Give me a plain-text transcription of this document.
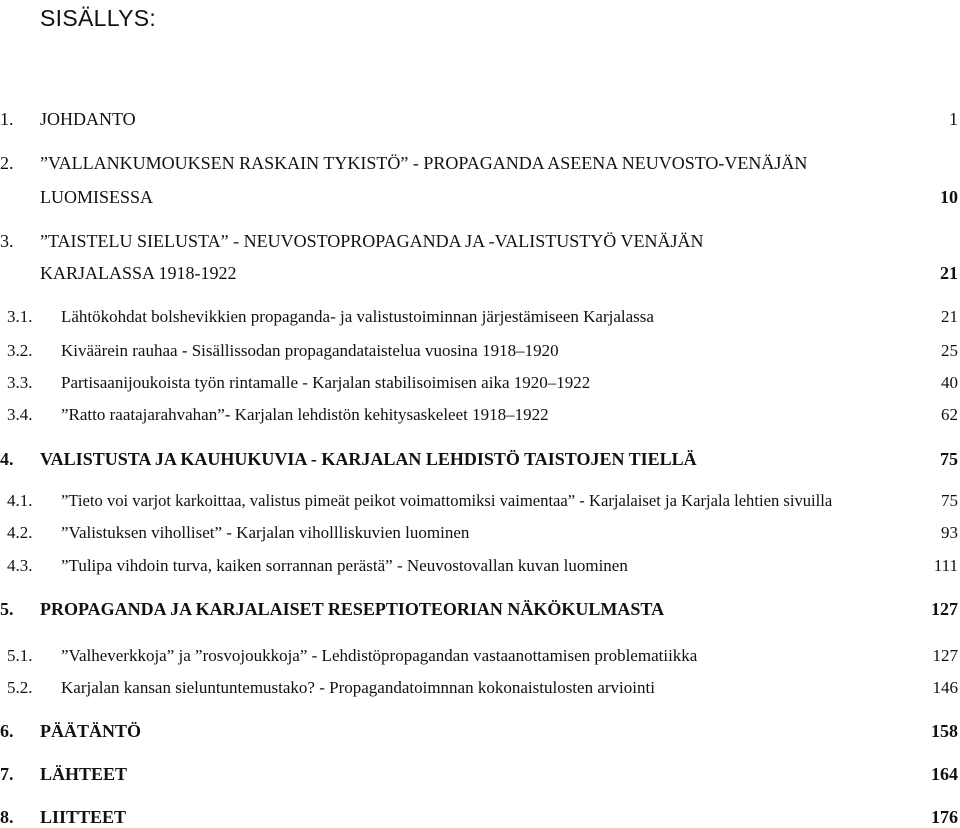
SISÄLLYS:
1. JOHDANTO	1
2. ”VALLANKUMOUKSEN RASKAIN TYKISTÖ” - PROPAGANDA ASEENA NEUVOSTO-VENÄJÄN
LUOMISESSA	10
3. ”TAISTELU SIELUSTA” - NEUVOSTOPROPAGANDA JA -VALISTUSTYÖ VENÄJÄN
KARJALASSA 1918-1922	21
3.1. Lähtökohdat bolshevikkien propaganda- ja valistustoiminnan järjestämiseen Karjalassa	21
3.2. Kiväärein rauhaa - Sisällissodan propagandataistelua vuosina 1918–1920	25
3.3. Partisaanijoukoista työn rintamalle - Karjalan stabilisoimisen aika 1920–1922	40
3.4. ”Ratto raatajarahvahan”- Karjalan lehdistön kehitysaskeleet 1918–1922	62
4. VALISTUSTA JA KAUHUKUVIA - KARJALAN LEHDISTÖ TAISTOJEN TIELLÄ	75
4.1. ”Tieto voi varjot karkoittaa, valistus pimeät peikot voimattomiksi vaimentaa” - Karjalaiset ja Karjala lehtien sivuilla	75
4.2. ”Valistuksen viholliset” - Karjalan vihollliskuvien luominen	93
4.3. ”Tulipa vihdoin turva, kaiken sorrannan perästä” - Neuvostovallan kuvan luominen	111
5. PROPAGANDA JA KARJALAISET RESEPTIOTEORIAN NÄKÖKULMASTA	127
5.1. ”Valheverkkoja” ja ”rosvojoukkoja” - Lehdistöpropagandan vastaanottamisen problematiikka	127
5.2. Karjalan kansan sieluntuntemustako? - Propagandatoimnnan kokonaistulosten arviointi	146
6. PÄÄTÄNTÖ	158
7. LÄHTEET	164
8. LIITTEET	176
